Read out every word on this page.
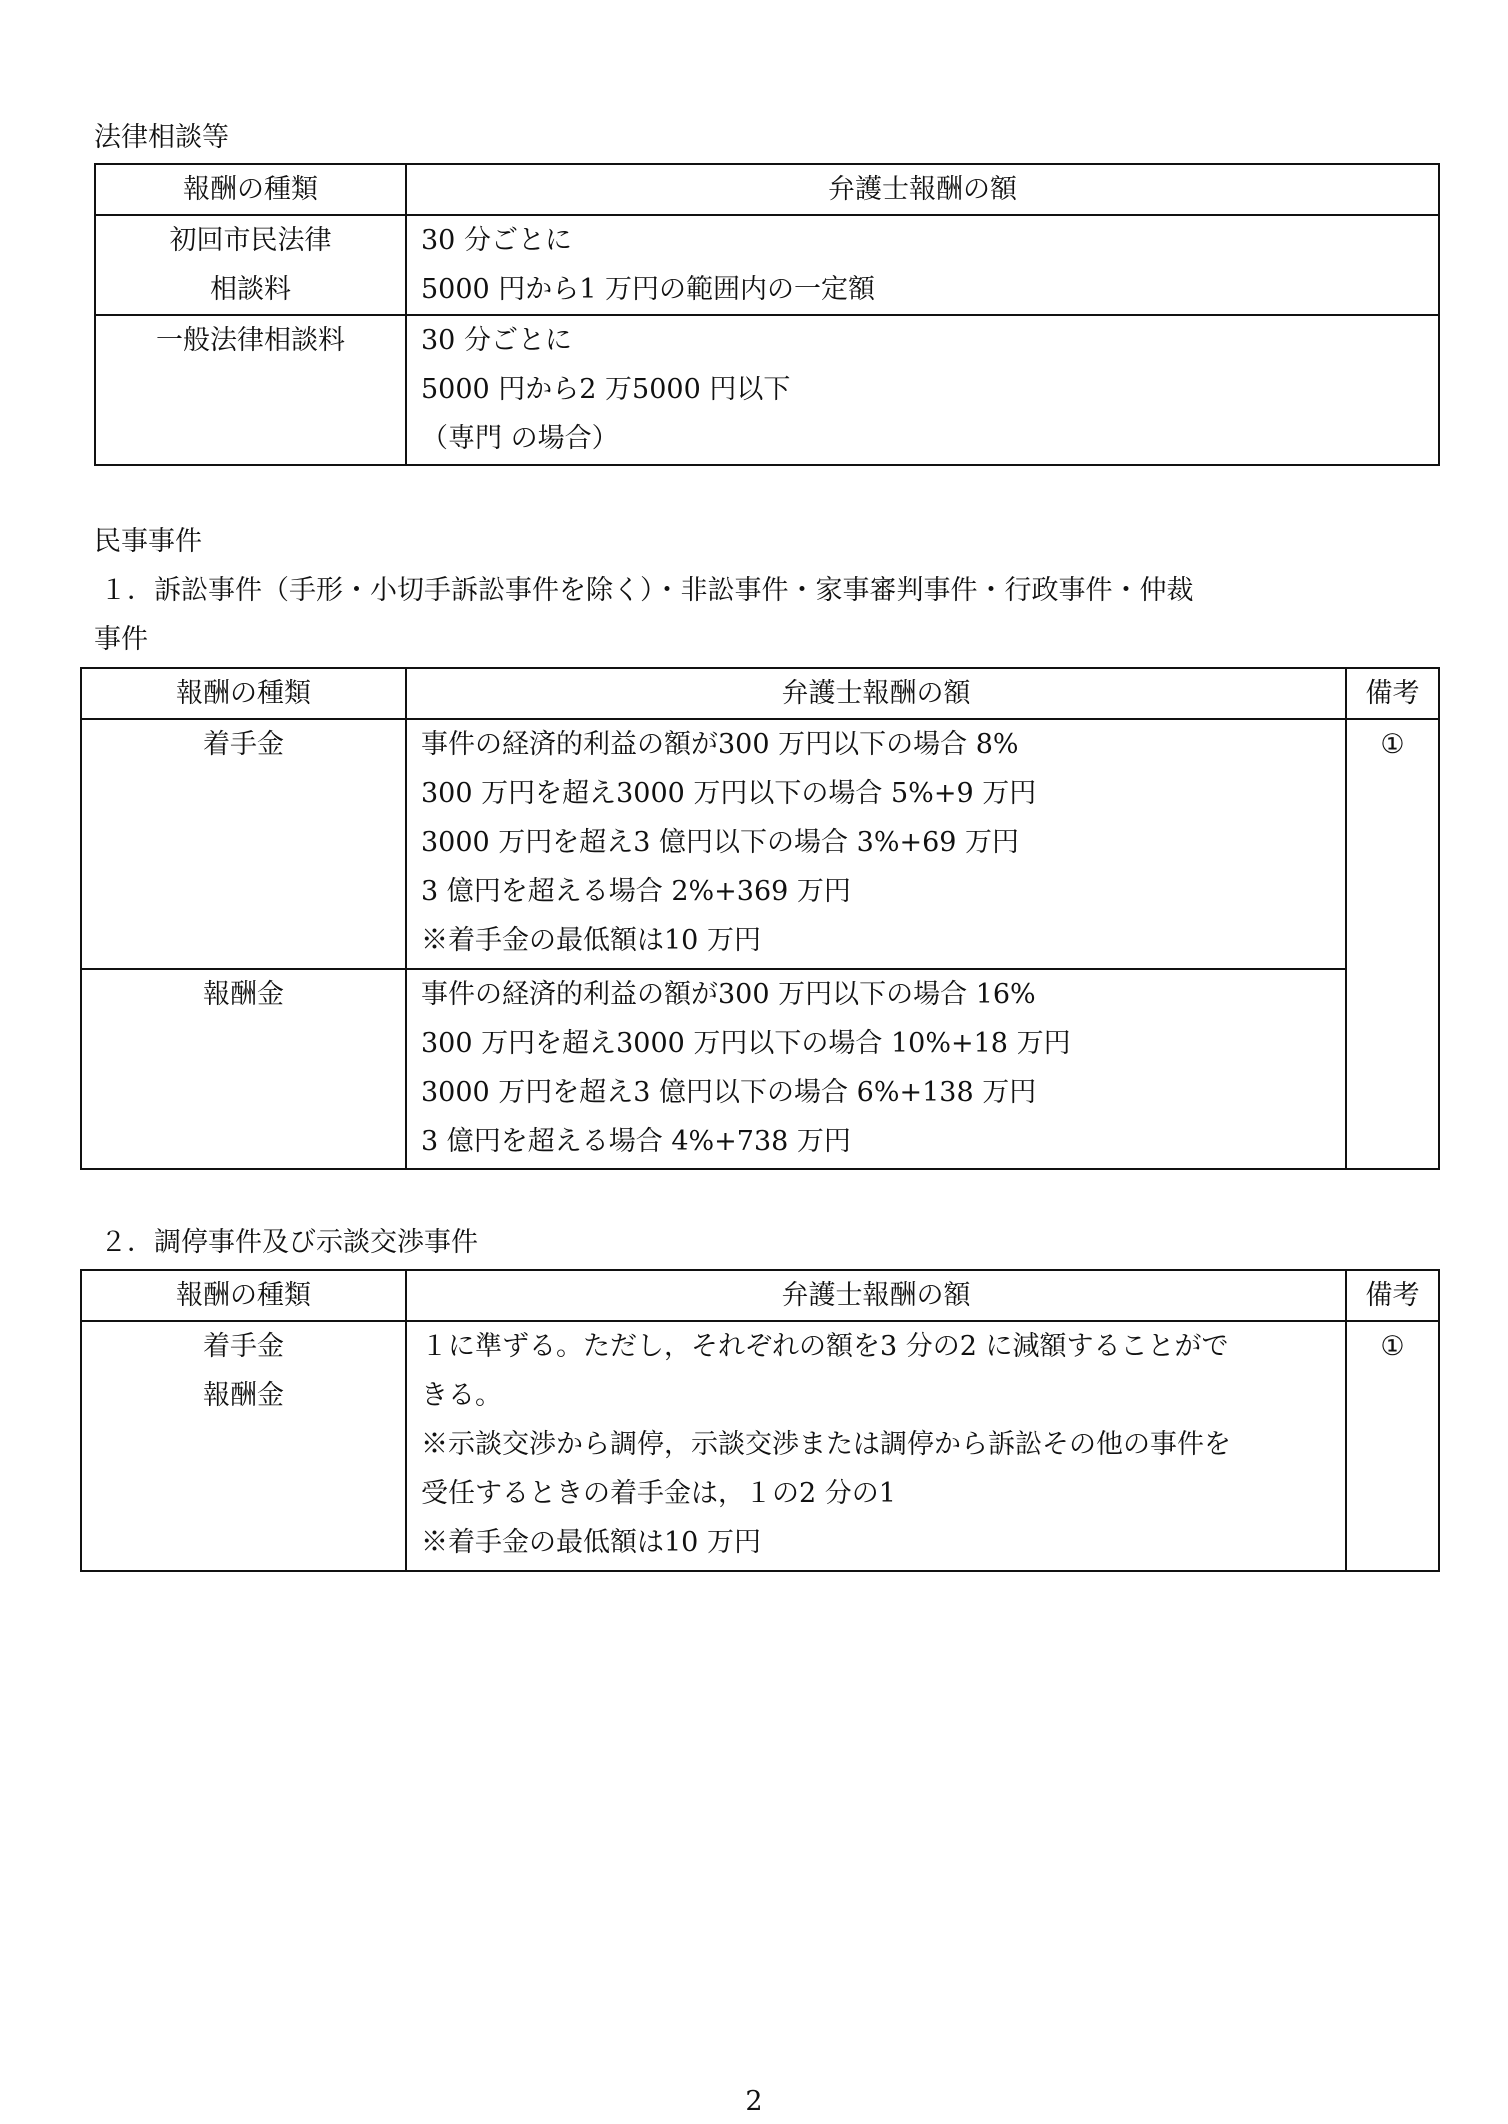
法律相談等
報酬の種類	弁護士報酬の額

初回市民法律
相談料	30 分ごとに
5000 円から1 万円の範囲内の一定額

一般法律相談料	30 分ごとに
5000 円から2 万5000 円以下
（専門 の場合）
民事事件
１．訴訟事件（手形・小切手訴訟事件を除く）・非訟事件・家事審判事件・行政事件・仲裁
事件
報酬の種類	弁護士報酬の額	備考

着手金	事件の経済的利益の額が300 万円以下の場合 8%
300 万円を超え3000 万円以下の場合 5%+9 万円
3000 万円を超え3 億円以下の場合 3%+69 万円
3 億円を超える場合 2%+369 万円
※着手金の最低額は10 万円	①

報酬金	事件の経済的利益の額が300 万円以下の場合 16%
300 万円を超え3000 万円以下の場合 10%+18 万円
3000 万円を超え3 億円以下の場合 6%+138 万円
3 億円を超える場合 4%+738 万円	
２．調停事件及び示談交渉事件
報酬の種類	弁護士報酬の額	備考

着手金
報酬金	１に準ずる。ただし，それぞれの額を3 分の2 に減額することがで
きる。
※示談交渉から調停，示談交渉または調停から訴訟その他の事件を
受任するときの着手金は，１の2 分の1
※着手金の最低額は10 万円	①
2
